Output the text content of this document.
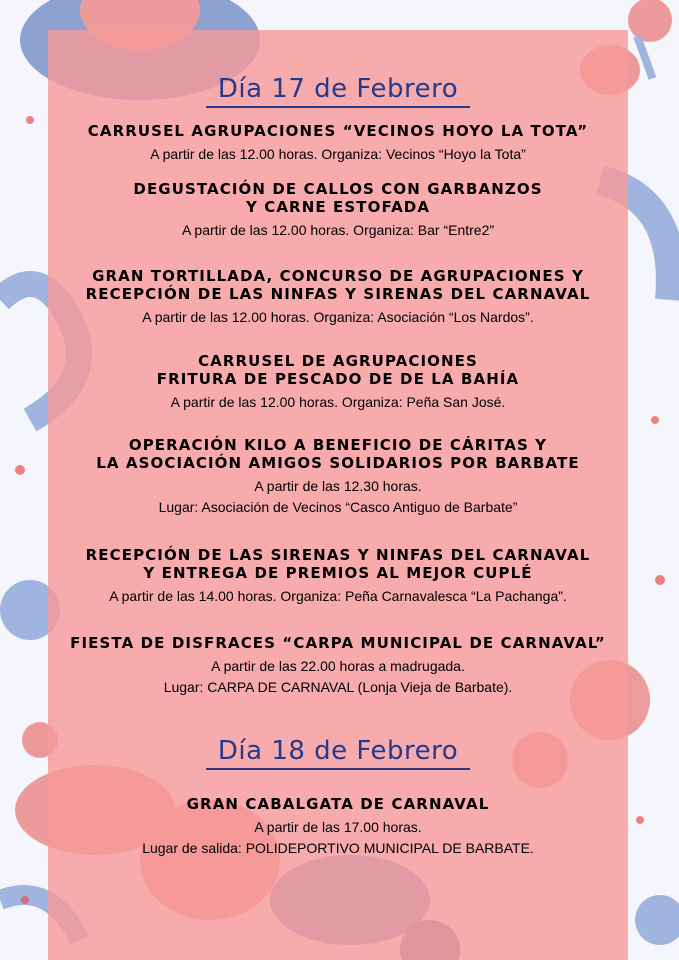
Día 17 de Febrero
CARRUSEL AGRUPACIONES “VECINOS HOYO LA TOTA”
A partir de las 12.00 horas. Organiza: Vecinos “Hoyo la Tota”
DEGUSTACIÓN DE CALLOS CON GARBANZOS
Y CARNE ESTOFADA
A partir de las 12.00 horas. Organiza: Bar “Entre2”
GRAN TORTILLADA, CONCURSO DE AGRUPACIONES Y
RECEPCIÓN DE LAS NINFAS Y SIRENAS DEL CARNAVAL
A partir de las 12.00 horas. Organiza: Asociación “Los Nardos”.
CARRUSEL DE AGRUPACIONES
FRITURA DE PESCADO DE DE LA BAHÍA
A partir de las 12.00 horas. Organiza: Peña San José.
OPERACIÓN KILO A BENEFICIO DE CÁRITAS Y
LA ASOCIACIÓN AMIGOS SOLIDARIOS POR BARBATE
A partir de las 12.30 horas.
Lugar: Asociación de Vecinos “Casco Antiguo de Barbate”
RECEPCIÓN DE LAS SIRENAS Y NINFAS DEL CARNAVAL
Y ENTREGA DE PREMIOS AL MEJOR CUPLÉ
A partir de las 14.00 horas. Organiza: Peña Carnavalesca “La Pachanga”.
FIESTA DE DISFRACES “CARPA MUNICIPAL DE CARNAVAL”
A partir de las 22.00 horas a madrugada.
Lugar: CARPA DE CARNAVAL (Lonja Vieja de Barbate).
Día 18 de Febrero
GRAN CABALGATA DE CARNAVAL
A partir de las 17.00 horas.
Lugar de salida: POLIDEPORTIVO MUNICIPAL DE BARBATE.
